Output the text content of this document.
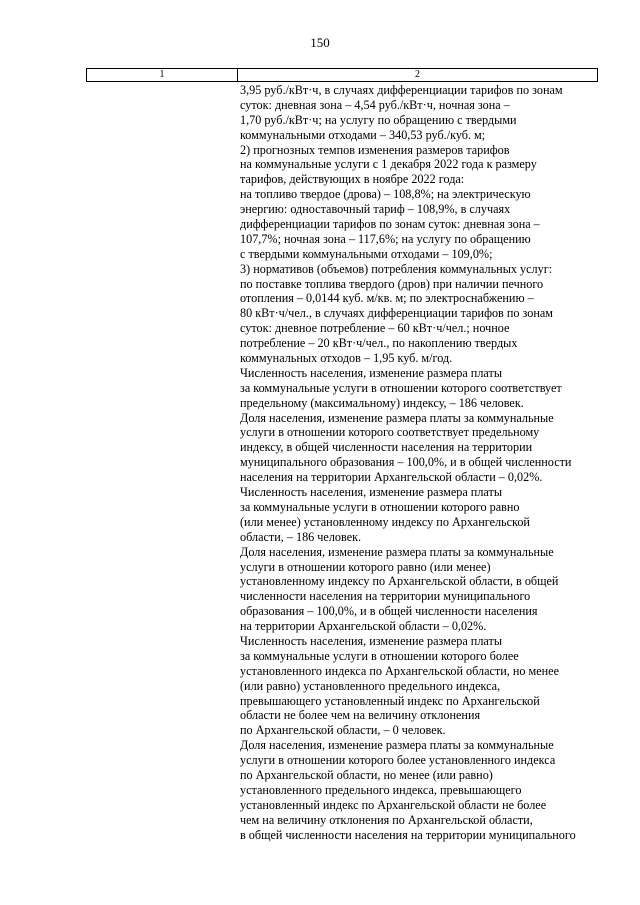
150
1	2
3,95 руб./кВт·ч, в случаях дифференциации тарифов по зонам
суток: дневная зона – 4,54 руб./кВт·ч, ночная зона –
1,70 руб./кВт·ч; на услугу по обращению с твердыми
коммунальными отходами – 340,53 руб./куб. м;
2) прогнозных темпов изменения размеров тарифов
на коммунальные услуги с 1 декабря 2022 года к размеру
тарифов, действующих в ноябре 2022 года:
на топливо твердое (дрова) – 108,8%; на электрическую
энергию: одноставочный тариф – 108,9%, в случаях
дифференциации тарифов по зонам суток: дневная зона –
107,7%; ночная зона – 117,6%; на услугу по обращению
с твердыми коммунальными отходами – 109,0%;
3) нормативов (объемов) потребления коммунальных услуг:
по поставке топлива твердого (дров) при наличии печного
отопления – 0,0144 куб. м/кв. м; по электроснабжению –
80 кВт·ч/чел., в случаях дифференциации тарифов по зонам
суток: дневное потребление – 60 кВт·ч/чел.; ночное
потребление – 20 кВт·ч/чел., по накоплению твердых
коммунальных отходов – 1,95 куб. м/год.
Численность населения, изменение размера платы
за коммунальные услуги в отношении которого соответствует
предельному (максимальному) индексу, – 186 человек.
Доля населения, изменение размера платы за коммунальные
услуги в отношении которого соответствует предельному
индексу, в общей численности населения на территории
муниципального образования – 100,0%, и в общей численности
населения на территории Архангельской области – 0,02%.
Численность населения, изменение размера платы
за коммунальные услуги в отношении которого равно
(или менее) установленному индексу по Архангельской
области, – 186 человек.
Доля населения, изменение размера платы за коммунальные
услуги в отношении которого равно (или менее)
установленному индексу по Архангельской области, в общей
численности населения на территории муниципального
образования – 100,0%, и в общей численности населения
на территории Архангельской области – 0,02%.
Численность населения, изменение размера платы
за коммунальные услуги в отношении которого более
установленного индекса по Архангельской области, но менее
(или равно) установленного предельного индекса,
превышающего установленный индекс по Архангельской
области не более чем на величину отклонения
по Архангельской области, – 0 человек.
Доля населения, изменение размера платы за коммунальные
услуги в отношении которого более установленного индекса
по Архангельской области, но менее (или равно)
установленного предельного индекса, превышающего
установленный индекс по Архангельской области не более
чем на величину отклонения по Архангельской области,
в общей численности населения на территории муниципального
